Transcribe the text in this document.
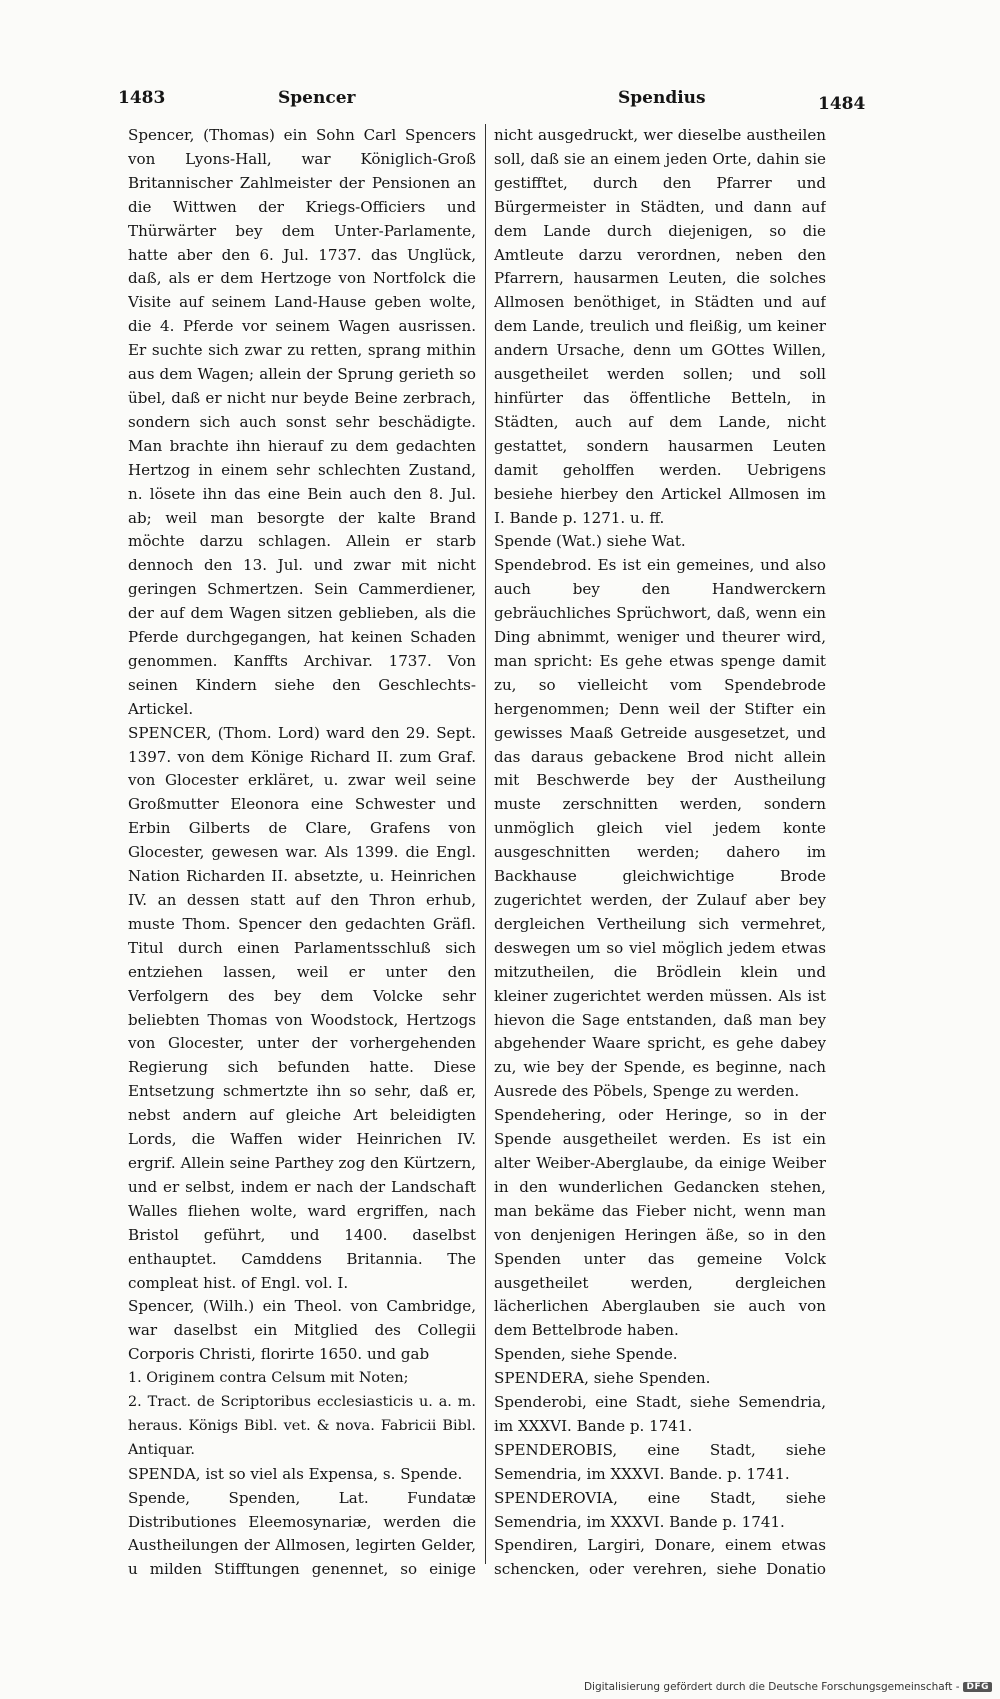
1483	Spencer	Spendius	1484

Spencer, (Thomas) ein Sohn Carl Spencers von Lyons-Hall, war Königlich-Groß Britannischer Zahlmeister der Pensionen an die Wittwen der Kriegs-Officiers und Thürwärter bey dem Unter-Parlamente, hatte aber den 6. Jul. 1737. das Unglück, daß, als er dem Hertzoge von Nortfolck die Visite auf seinem Land-Hause geben wolte, die 4. Pferde vor seinem Wagen ausrissen. Er suchte sich zwar zu retten, sprang mithin aus dem Wagen; allein der Sprung gerieth so übel, daß er nicht nur beyde Beine zerbrach, sondern sich auch sonst sehr beschädigte. Man brachte ihn hierauf zu dem gedachten Hertzog in einem sehr schlechten Zustand, n. lösete ihn das eine Bein auch den 8. Jul. ab; weil man besorgte der kalte Brand möchte darzu schlagen. Allein er starb dennoch den 13. Jul. und zwar mit nicht geringen Schmertzen. Sein Cammerdiener, der auf dem Wagen sitzen geblieben, als die Pferde durchgegangen, hat keinen Schaden genommen. Kanffts Archivar. 1737. Von seinen Kindern siehe den Geschlechts-Artickel.

SPENCER, (Thom. Lord) ward den 29. Sept. 1397. von dem Könige Richard II. zum Graf. von Glocester erkläret, u. zwar weil seine Großmutter Eleonora eine Schwester und Erbin Gilberts de Clare, Grafens von Glocester, gewesen war. Als 1399. die Engl. Nation Richarden II. absetzte, u. Heinrichen IV. an dessen statt auf den Thron erhub, muste Thom. Spencer den gedachten Gräfl. Titul durch einen Parlamentsschluß sich entziehen lassen, weil er unter den Verfolgern des bey dem Volcke sehr beliebten Thomas von Woodstock, Hertzogs von Glocester, unter der vorhergehenden Regierung sich befunden hatte. Diese Entsetzung schmertzte ihn so sehr, daß er, nebst andern auf gleiche Art beleidigten Lords, die Waffen wider Heinrichen IV. ergrif. Allein seine Parthey zog den Kürtzern, und er selbst, indem er nach der Landschaft Walles fliehen wolte, ward ergriffen, nach Bristol geführt, und 1400. daselbst enthauptet. Camddens Britannia. The compleat hist. of Engl. vol. I.

Spencer, (Wilh.) ein Theol. von Cambridge, war daselbst ein Mitglied des Collegii Corporis Christi, florirte 1650. und gab

1. Originem contra Celsum mit Noten;

2. Tract. de Scriptoribus ecclesiasticis u. a. m. heraus. Königs Bibl. vet. & nova. Fabricii Bibl. Antiquar.

SPENDA, ist so viel als Expensa, s. Spende.

Spende, Spenden, Lat. Fundatæ Distributiones Eleemosynariæ, werden die Austheilungen der Allmosen, legirten Gelder, u milden Stifftungen genennet, so einige

nicht ausgedruckt, wer dieselbe austheilen soll, daß sie an einem jeden Orte, dahin sie gestifftet, durch den Pfarrer und Bürgermeister in Städten, und dann auf dem Lande durch diejenigen, so die Amtleute darzu verordnen, neben den Pfarrern, hausarmen Leuten, die solches Allmosen benöthiget, in Städten und auf dem Lande, treulich und fleißig, um keiner andern Ursache, denn um GOttes Willen, ausgetheilet werden sollen; und soll hinfürter das öffentliche Betteln, in Städten, auch auf dem Lande, nicht gestattet, sondern hausarmen Leuten damit geholffen werden. Uebrigens besiehe hierbey den Artickel Allmosen im I. Bande p. 1271. u. ff.

Spende (Wat.) siehe Wat.

Spendebrod. Es ist ein gemeines, und also auch bey den Handwerckern gebräuchliches Sprüchwort, daß, wenn ein Ding abnimmt, weniger und theurer wird, man spricht: Es gehe etwas spenge damit zu, so vielleicht vom Spendebrode hergenommen; Denn weil der Stifter ein gewisses Maaß Getreide ausgesetzet, und das daraus gebackene Brod nicht allein mit Beschwerde bey der Austheilung muste zerschnitten werden, sondern unmöglich gleich viel jedem konte ausgeschnitten werden; dahero im Backhause gleichwichtige Brode zugerichtet werden, der Zulauf aber bey dergleichen Vertheilung sich vermehret, deswegen um so viel möglich jedem etwas mitzutheilen, die Brödlein klein und kleiner zugerichtet werden müssen. Als ist hievon die Sage entstanden, daß man bey abgehender Waare spricht, es gehe dabey zu, wie bey der Spende, es beginne, nach Ausrede des Pöbels, Spenge zu werden.

Spendehering, oder Heringe, so in der Spende ausgetheilet werden. Es ist ein alter Weiber-Aberglaube, da einige Weiber in den wunderlichen Gedancken stehen, man bekäme das Fieber nicht, wenn man von denjenigen Heringen äße, so in den Spenden unter das gemeine Volck ausgetheilet werden, dergleichen lächerlichen Aberglauben sie auch von dem Bettelbrode haben.

Spenden, siehe Spende.

SPENDERA, siehe Spenden.

Spenderobi, eine Stadt, siehe Semendria, im XXXVI. Bande p. 1741.

SPENDEROBIS, eine Stadt, siehe Semendria, im XXXVI. Bande. p. 1741.

SPENDEROVIA, eine Stadt, siehe Semendria, im XXXVI. Bande p. 1741.

Spendiren, Largiri, Donare, einem etwas schencken, oder verehren, siehe Donatio

Digitalisierung gefördert durch die Deutsche Forschungsgemeinschaft - DFG
